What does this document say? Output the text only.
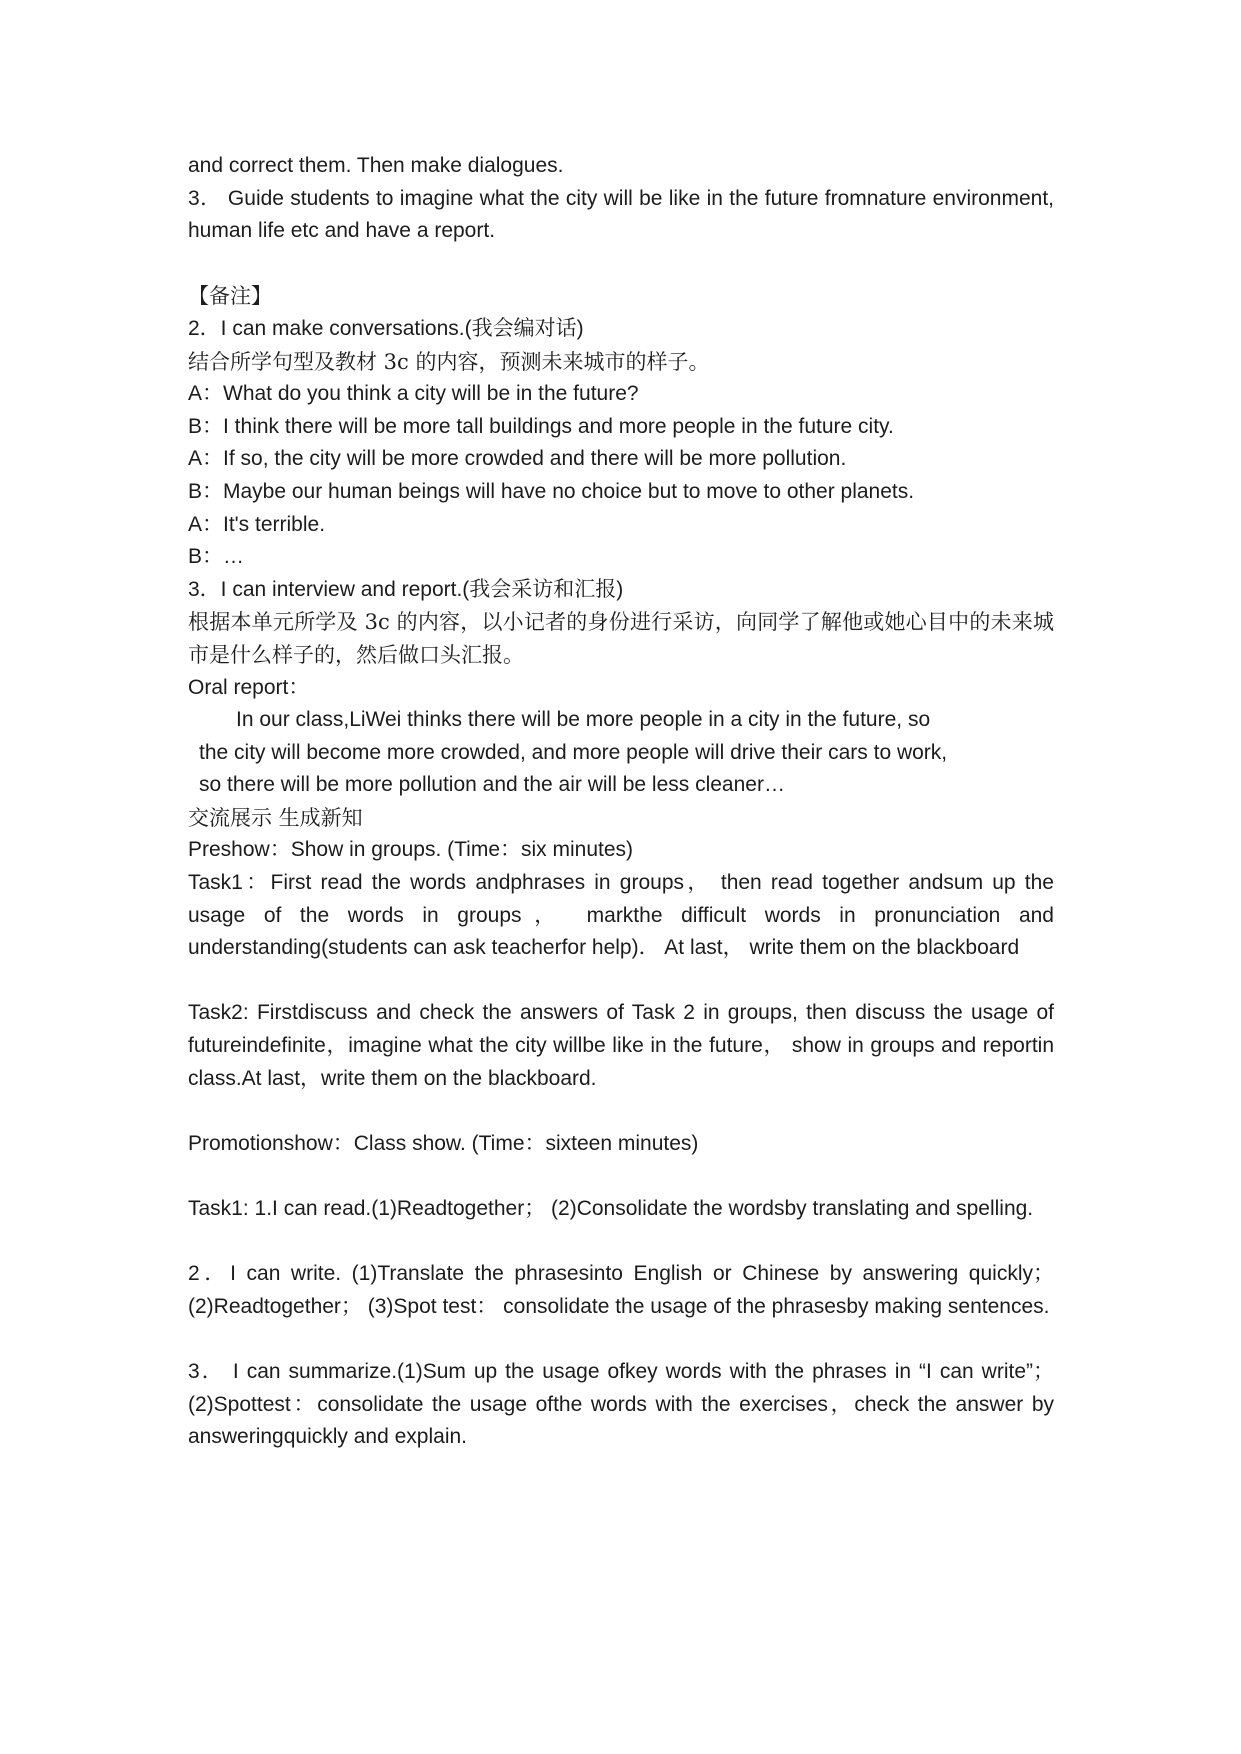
and correct them. Then make dialogues.

3． Guide students to imagine what the city will be like in the future fromnature environment, human life etc and have a report.

【备注】

2．I can make conversations.(我会编对话)

结合所学句型及教材 3c 的内容，预测未来城市的样子。

A：What do you think a city will be in the future?

B：I think there will be more tall buildings and more people in the future city.

A：If so, the city will be more crowded and there will be more pollution.

B：Maybe our human beings will have no choice but to move to other planets.

A：It's terrible.

B：…

3．I can interview and report.(我会采访和汇报)

根据本单元所学及 3c 的内容，以小记者的身份进行采访，向同学了解他或她心目中的未来城市是什么样子的，然后做口头汇报。

Oral report：

In our class,LiWei thinks there will be more people in a city in the future, so

the city will become more crowded, and more people will drive their cars to work,

so there will be more pollution and the air will be less cleaner…

交流展示 生成新知

Preshow：Show in groups. (Time：six minutes)

Task1：First read the words andphrases in groups， then read together andsum up the usage of the words in groups， markthe difficult words in pronunciation and understanding(students can ask teacherfor help)． At last， write them on the blackboard

Task2: Firstdiscuss and check the answers of Task 2 in groups, then discuss the usage of futureindefinite，imagine what the city willbe like in the future， show in groups and reportin class.At last，write them on the blackboard.

Promotionshow：Class show. (Time：sixteen minutes)

Task1: 1.I can read.(1)Readtogether； (2)Consolidate the wordsby translating and spelling.

2．I can write. (1)Translate the phrasesinto English or Chinese by answering quickly；(2)Readtogether； (3)Spot test： consolidate the usage of the phrasesby making sentences.

3． I can summarize.(1)Sum up the usage ofkey words with the phrases in “I can write”；(2)Spottest：consolidate the usage ofthe words with the exercises，check the answer by answeringquickly and explain.
